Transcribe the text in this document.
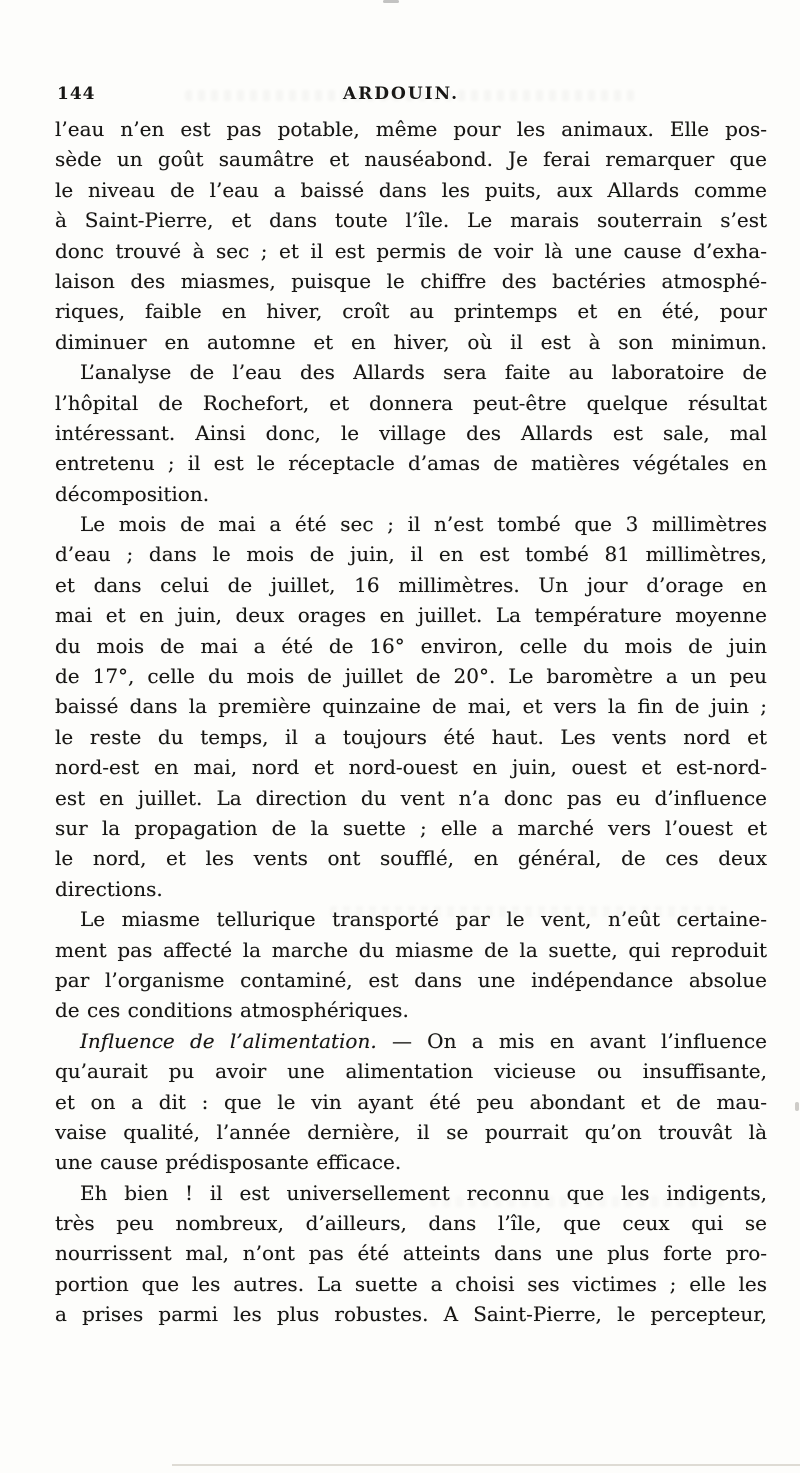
144	ARDOUIN.
l’eau n’en est pas potable, même pour les animaux. Elle pos-
sède un goût saumâtre et nauséabond. Je ferai remarquer que
le niveau de l’eau a baissé dans les puits, aux Allards comme
à Saint-Pierre, et dans toute l’île. Le marais souterrain s’est
donc trouvé à sec ; et il est permis de voir là une cause d’exha-
laison des miasmes, puisque le chiffre des bactéries atmosphé-
riques, faible en hiver, croît au printemps et en été, pour
diminuer en automne et en hiver, où il est à son minimun.
L’analyse de l’eau des Allards sera faite au laboratoire de
l’hôpital de Rochefort, et donnera peut-être quelque résultat
intéressant. Ainsi donc, le village des Allards est sale, mal
entretenu ; il est le réceptacle d’amas de matières végétales en
décomposition.
Le mois de mai a été sec ; il n’est tombé que 3 millimètres
d’eau ; dans le mois de juin, il en est tombé 81 millimètres,
et dans celui de juillet, 16 millimètres. Un jour d’orage en
mai et en juin, deux orages en juillet. La température moyenne
du mois de mai a été de 16° environ, celle du mois de juin
de 17°, celle du mois de juillet de 20°. Le baromètre a un peu
baissé dans la première quinzaine de mai, et vers la fin de juin ;
le reste du temps, il a toujours été haut. Les vents nord et
nord-est en mai, nord et nord-ouest en juin, ouest et est-nord-
est en juillet. La direction du vent n’a donc pas eu d’influence
sur la propagation de la suette ; elle a marché vers l’ouest et
le nord, et les vents ont soufflé, en général, de ces deux
directions.
Le miasme tellurique transporté par le vent, n’eût certaine-
ment pas affecté la marche du miasme de la suette, qui reproduit
par l’organisme contaminé, est dans une indépendance absolue
de ces conditions atmosphériques.
Influence de l’alimentation. — On a mis en avant l’influence
qu’aurait pu avoir une alimentation vicieuse ou insuffisante,
et on a dit : que le vin ayant été peu abondant et de mau-
vaise qualité, l’année dernière, il se pourrait qu’on trouvât là
une cause prédisposante efficace.
Eh bien ! il est universellement reconnu que les indigents,
très peu nombreux, d’ailleurs, dans l’île, que ceux qui se
nourrissent mal, n’ont pas été atteints dans une plus forte pro-
portion que les autres. La suette a choisi ses victimes ; elle les
a prises parmi les plus robustes. A Saint-Pierre, le percepteur,
